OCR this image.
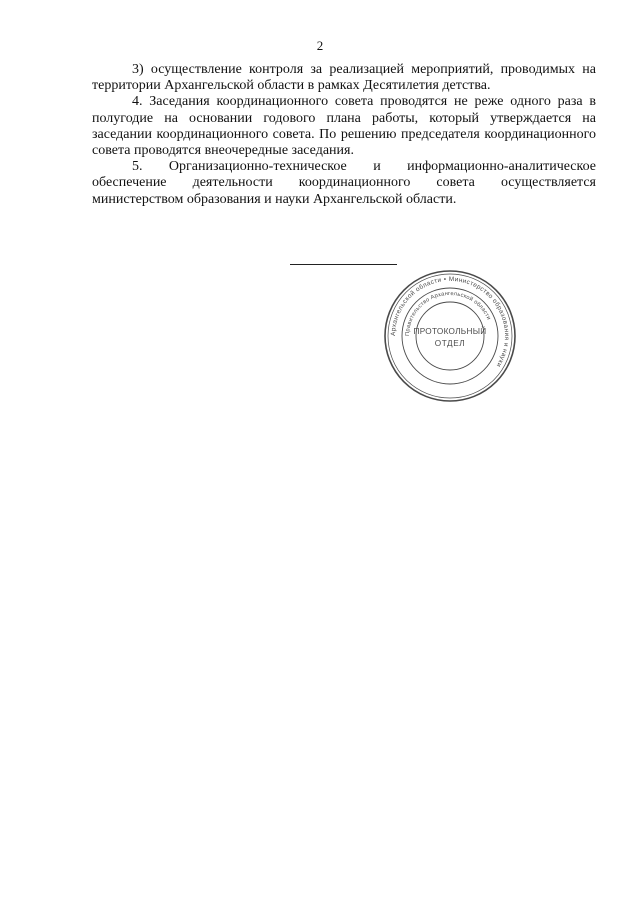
2

3) осуществление контроля за реализацией мероприятий, проводимых на территории Архангельской области в рамках Десятилетия детства.

4. Заседания координационного совета проводятся не реже одного раза в полугодие на основании годового плана работы, который утверждается на заседании координационного совета. По решению председателя координационного совета проводятся внеочередные заседания.

5. Организационно-техническое и информационно-аналитическое обеспечение деятельности координационного совета осуществляется министерством образования и науки Архангельской области.

Архангельской области • Министерство образования и науки
Правительство Архангельской области
ПРОТОКОЛЬНЫЙ
ОТДЕЛ
